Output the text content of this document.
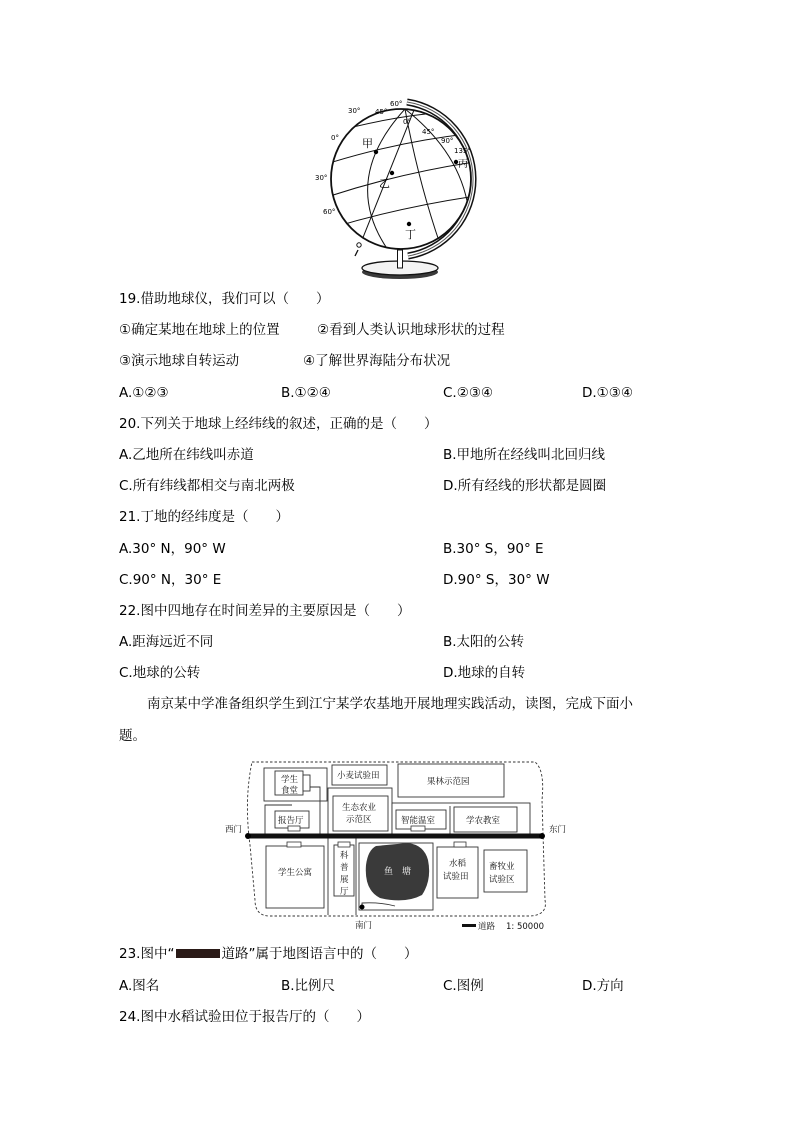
甲
乙
丙
丁
30°
60°
45°
0°
30°
60°
0°
45°
90°
135°
19.借助地球仪，我们可以（　　）
①确定某地在地球上的位置	②看到人类认识地球形状的过程
③演示地球自转运动	④了解世界海陆分布状况
A.①②③	B.①②④	C.②③④	D.①③④
20.下列关于地球上经纬线的叙述，正确的是（　　）
A.乙地所在纬线叫赤道	B.甲地所在经线叫北回归线
C.所有纬线都相交与南北两极	D.所有经线的形状都是圆圈
21.丁地的经纬度是（　　）
A.30° N，90° W	B.30° S，90° E
C.90° N，30° E	D.90° S，30° W
22.图中四地存在时间差异的主要原因是（　　）
A.距海远近不同	B.太阳的公转
C.地球的公转	D.地球的自转
南京某中学准备组织学生到江宁某学农基地开展地理实践活动，读图，完成下面小
题。
西门	东门
南门
学生
食堂
小麦试验田
果林示范园
生态农业
示范区
报告厅	智能温室	学农教室
学生公寓
科
普
展
厅
水稻
试验田
畜牧业
试验区
道路 1: 50000
鱼　塘
23.图中“	道路”属于地图语言中的（　　）
A.图名	B.比例尺	C.图例	D.方向
24.图中水稻试验田位于报告厅的（　　）
